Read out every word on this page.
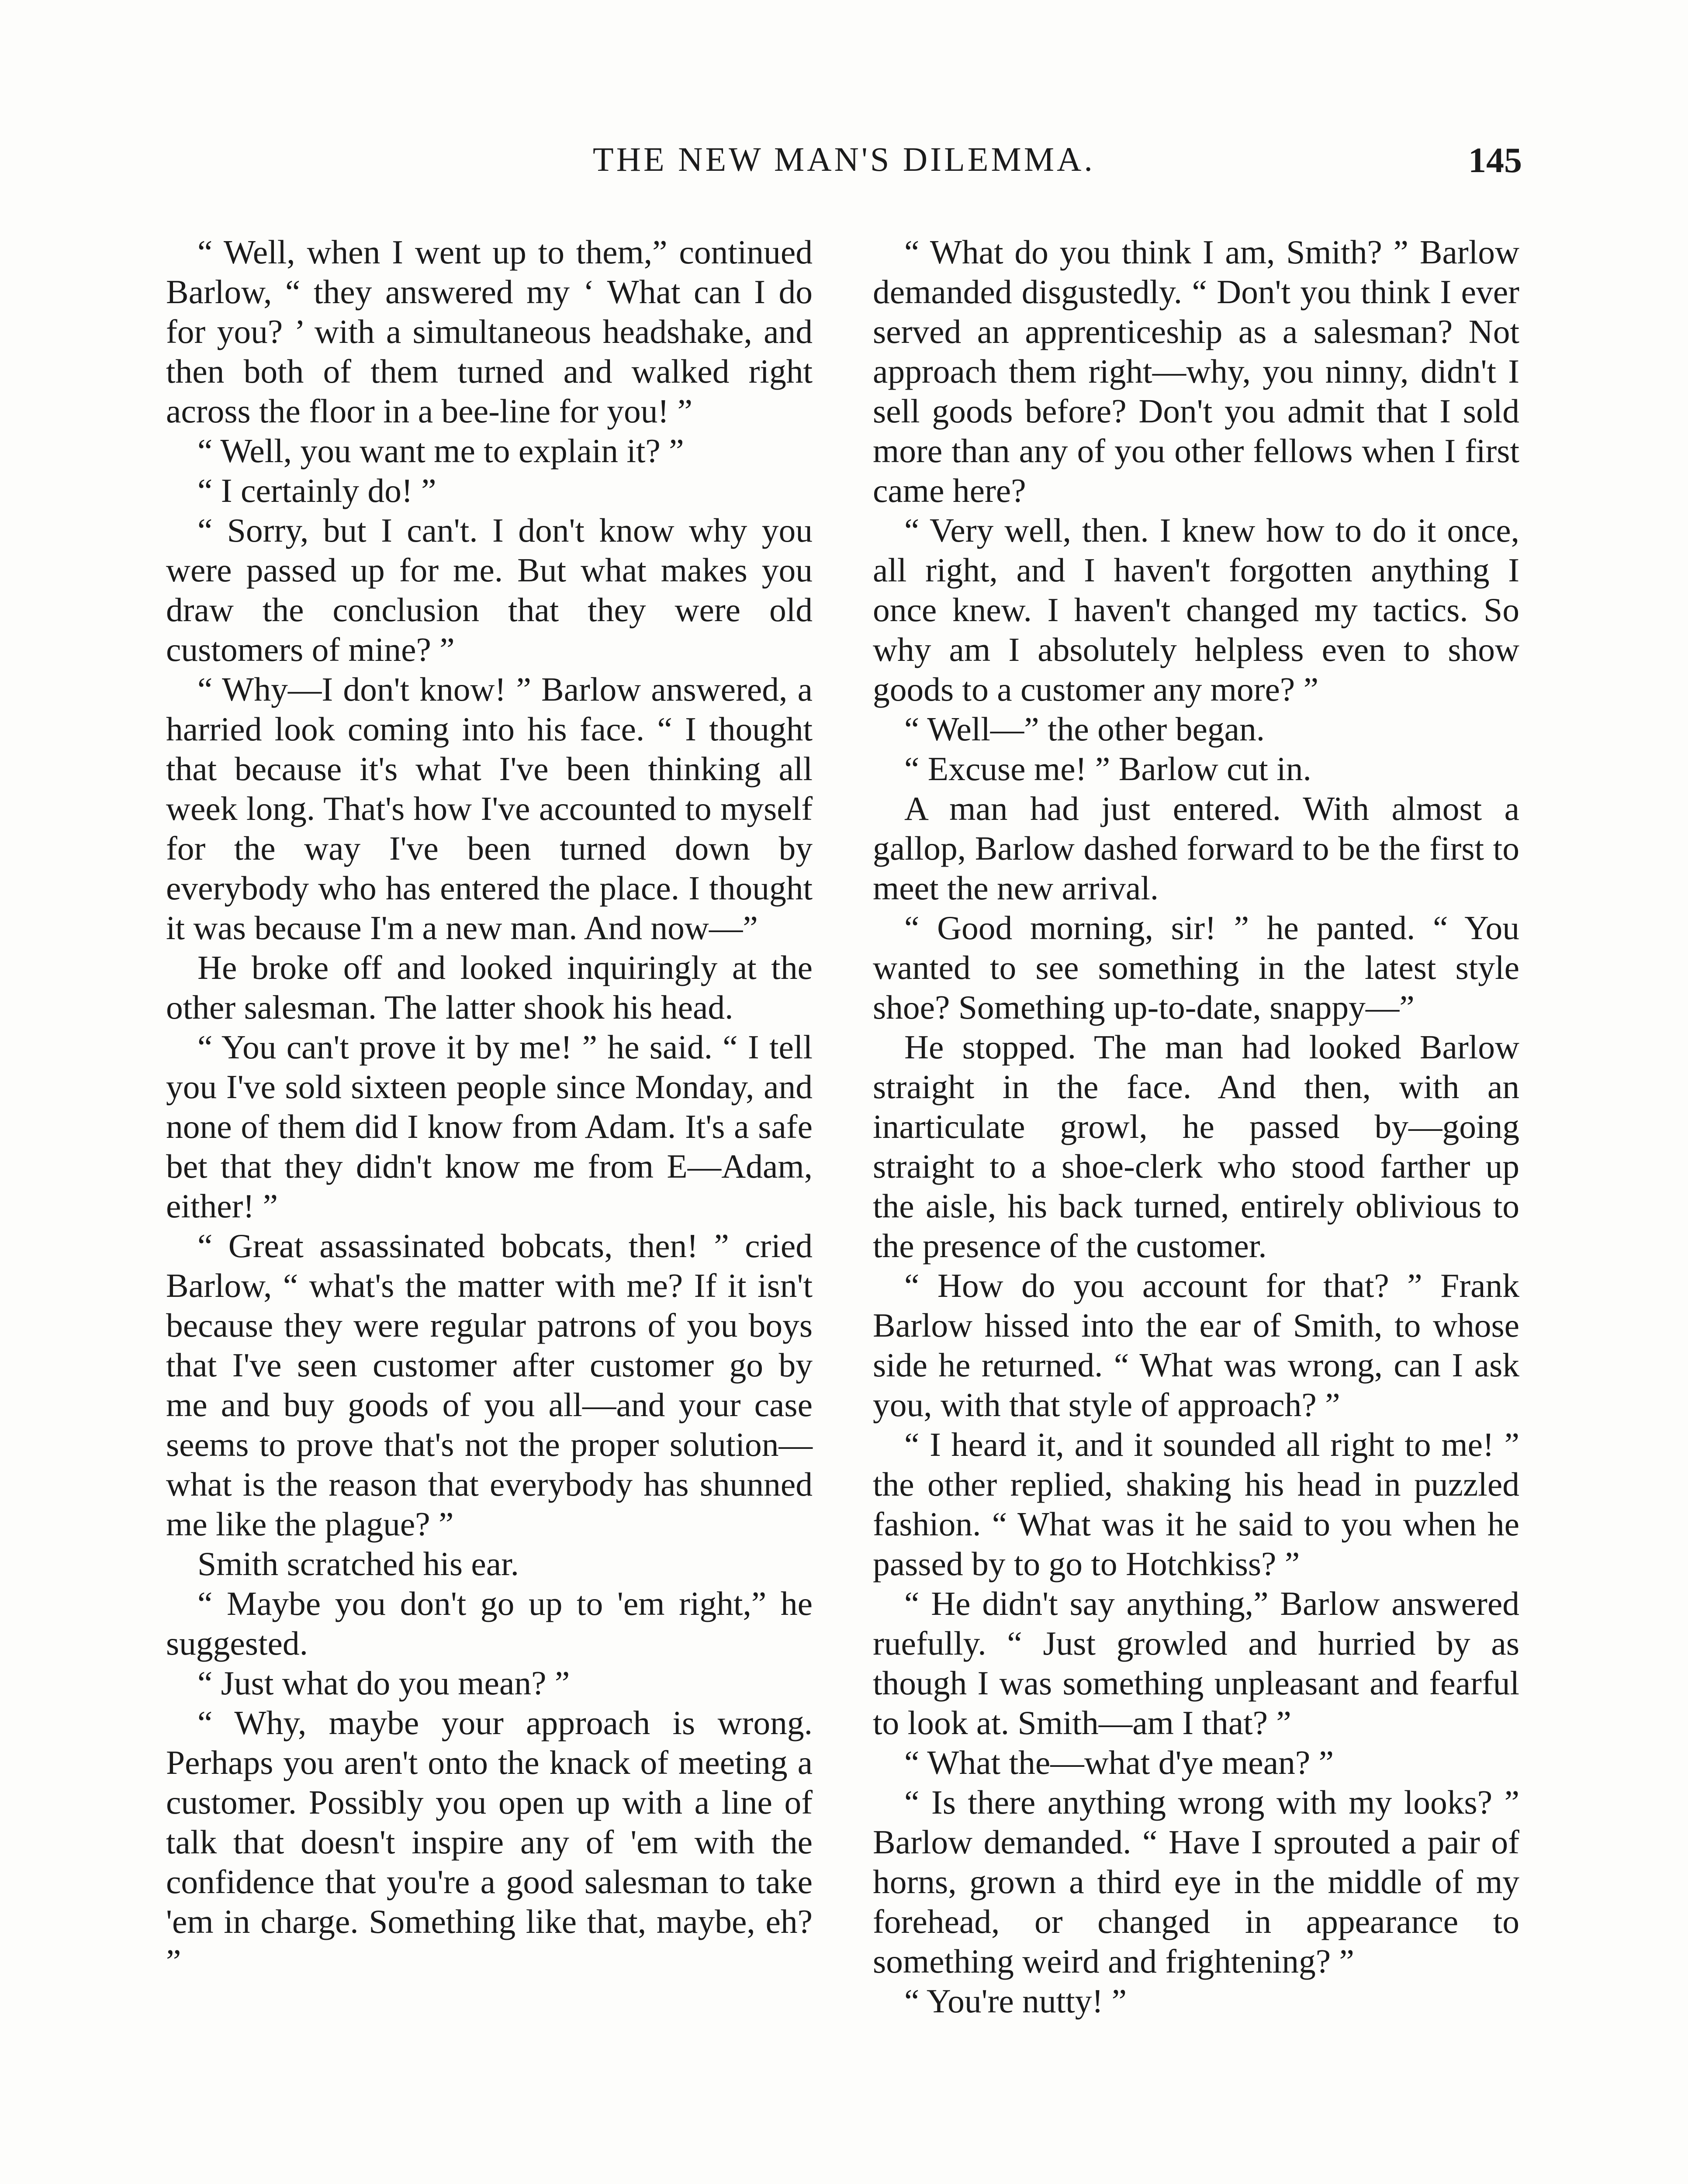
THE NEW MAN'S DILEMMA.	145

“ Well, when I went up to them,” continued Barlow, “ they answered my ‘ What can I do for you? ’ with a simultaneous headshake, and then both of them turned and walked right across the floor in a bee-line for you! ”

“ Well, you want me to explain it? ”

“ I certainly do! ”

“ Sorry, but I can't. I don't know why you were passed up for me. But what makes you draw the conclusion that they were old customers of mine? ”

“ Why—I don't know! ” Barlow answered, a harried look coming into his face. “ I thought that because it's what I've been thinking all week long. That's how I've accounted to myself for the way I've been turned down by everybody who has entered the place. I thought it was because I'm a new man. And now—”

He broke off and looked inquiringly at the other salesman. The latter shook his head.

“ You can't prove it by me! ” he said. “ I tell you I've sold sixteen people since Monday, and none of them did I know from Adam. It's a safe bet that they didn't know me from E—Adam, either! ”

“ Great assassinated bobcats, then! ” cried Barlow, “ what's the matter with me? If it isn't because they were regular patrons of you boys that I've seen customer after customer go by me and buy goods of you all—and your case seems to prove that's not the proper solution—what is the reason that everybody has shunned me like the plague? ”

Smith scratched his ear.

“ Maybe you don't go up to 'em right,” he suggested.

“ Just what do you mean? ”

“ Why, maybe your approach is wrong. Perhaps you aren't onto the knack of meeting a customer. Possibly you open up with a line of talk that doesn't inspire any of 'em with the confidence that you're a good salesman to take 'em in charge. Something like that, maybe, eh? ”

“ What do you think I am, Smith? ” Barlow demanded disgustedly. “ Don't you think I ever served an apprenticeship as a salesman? Not approach them right—why, you ninny, didn't I sell goods before? Don't you admit that I sold more than any of you other fellows when I first came here?

“ Very well, then. I knew how to do it once, all right, and I haven't forgotten anything I once knew. I haven't changed my tactics. So why am I absolutely helpless even to show goods to a customer any more? ”

“ Well—” the other began.

“ Excuse me! ” Barlow cut in.

A man had just entered. With almost a gallop, Barlow dashed forward to be the first to meet the new arrival.

“ Good morning, sir! ” he panted. “ You wanted to see something in the latest style shoe? Something up-to-date, snappy—”

He stopped. The man had looked Barlow straight in the face. And then, with an inarticulate growl, he passed by—going straight to a shoe-clerk who stood farther up the aisle, his back turned, entirely oblivious to the presence of the customer.

“ How do you account for that? ” Frank Barlow hissed into the ear of Smith, to whose side he returned. “ What was wrong, can I ask you, with that style of approach? ”

“ I heard it, and it sounded all right to me! ” the other replied, shaking his head in puzzled fashion. “ What was it he said to you when he passed by to go to Hotchkiss? ”

“ He didn't say anything,” Barlow answered ruefully. “ Just growled and hurried by as though I was something unpleasant and fearful to look at. Smith—am I that? ”

“ What the—what d'ye mean? ”

“ Is there anything wrong with my looks? ” Barlow demanded. “ Have I sprouted a pair of horns, grown a third eye in the middle of my forehead, or changed in appearance to something weird and frightening? ”

“ You're nutty! ”
